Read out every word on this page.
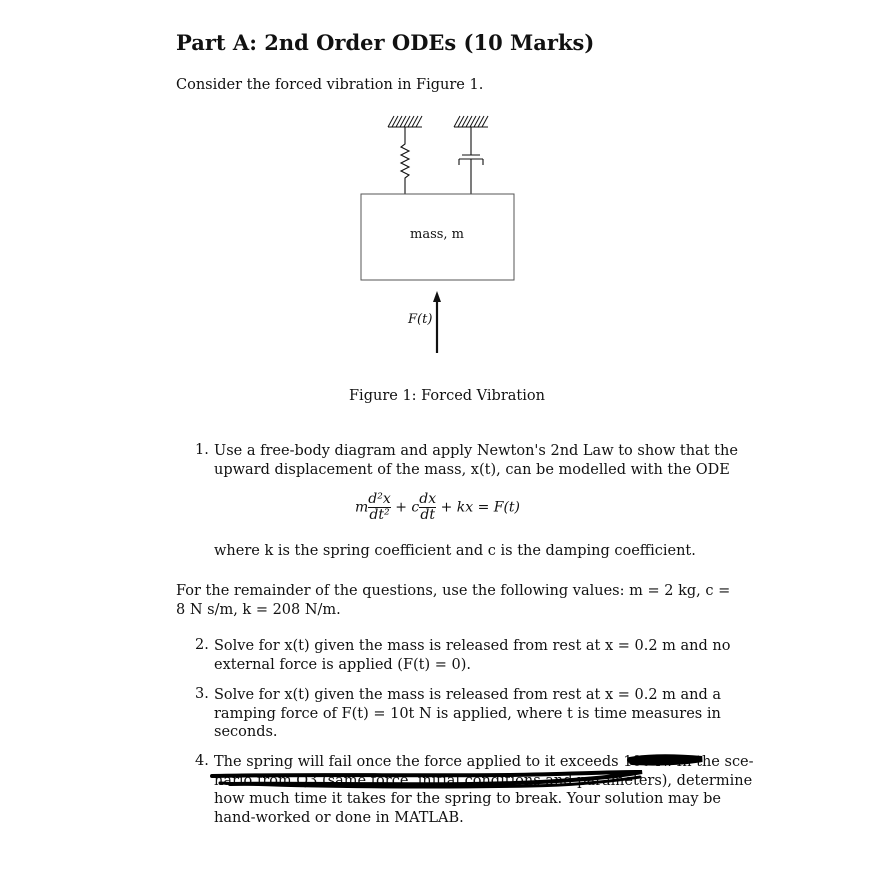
Part A: 2nd Order ODEs (10 Marks)
Consider the forced vibration in Figure 1.
mass, m
F(t)
Figure 1: Forced Vibration
1. Use a free-body diagram and apply Newton's 2nd Law to show that the
upward displacement of the mass, x(t), can be modelled with the ODE
m $\frac{\text{d²x}}{\text{dt²}} + c \frac{dx}{dt}$ + kx = F(t)
where k is the spring coefficient and c is the damping coefficient.
For the remainder of the questions, use the following values: m = 2 kg, c =
8 N s/m, k = 208 N/m.
2. Solve for x(t) given the mass is released from rest at x = 0.2 m and no
external force is applied (F(t) = 0).
3. Solve for x(t) given the mass is released from rest at x = 0.2 m and a
ramping force of F(t) = 10t N is applied, where t is time measures in
seconds.
4. The spring will fail once the force applied to it exceeds 100 N. In the sce-
nario from Q3 (same force, initial conditions and parameters), determine
how much time it takes for the spring to break. Your solution may be
hand-worked or done in MATLAB.
